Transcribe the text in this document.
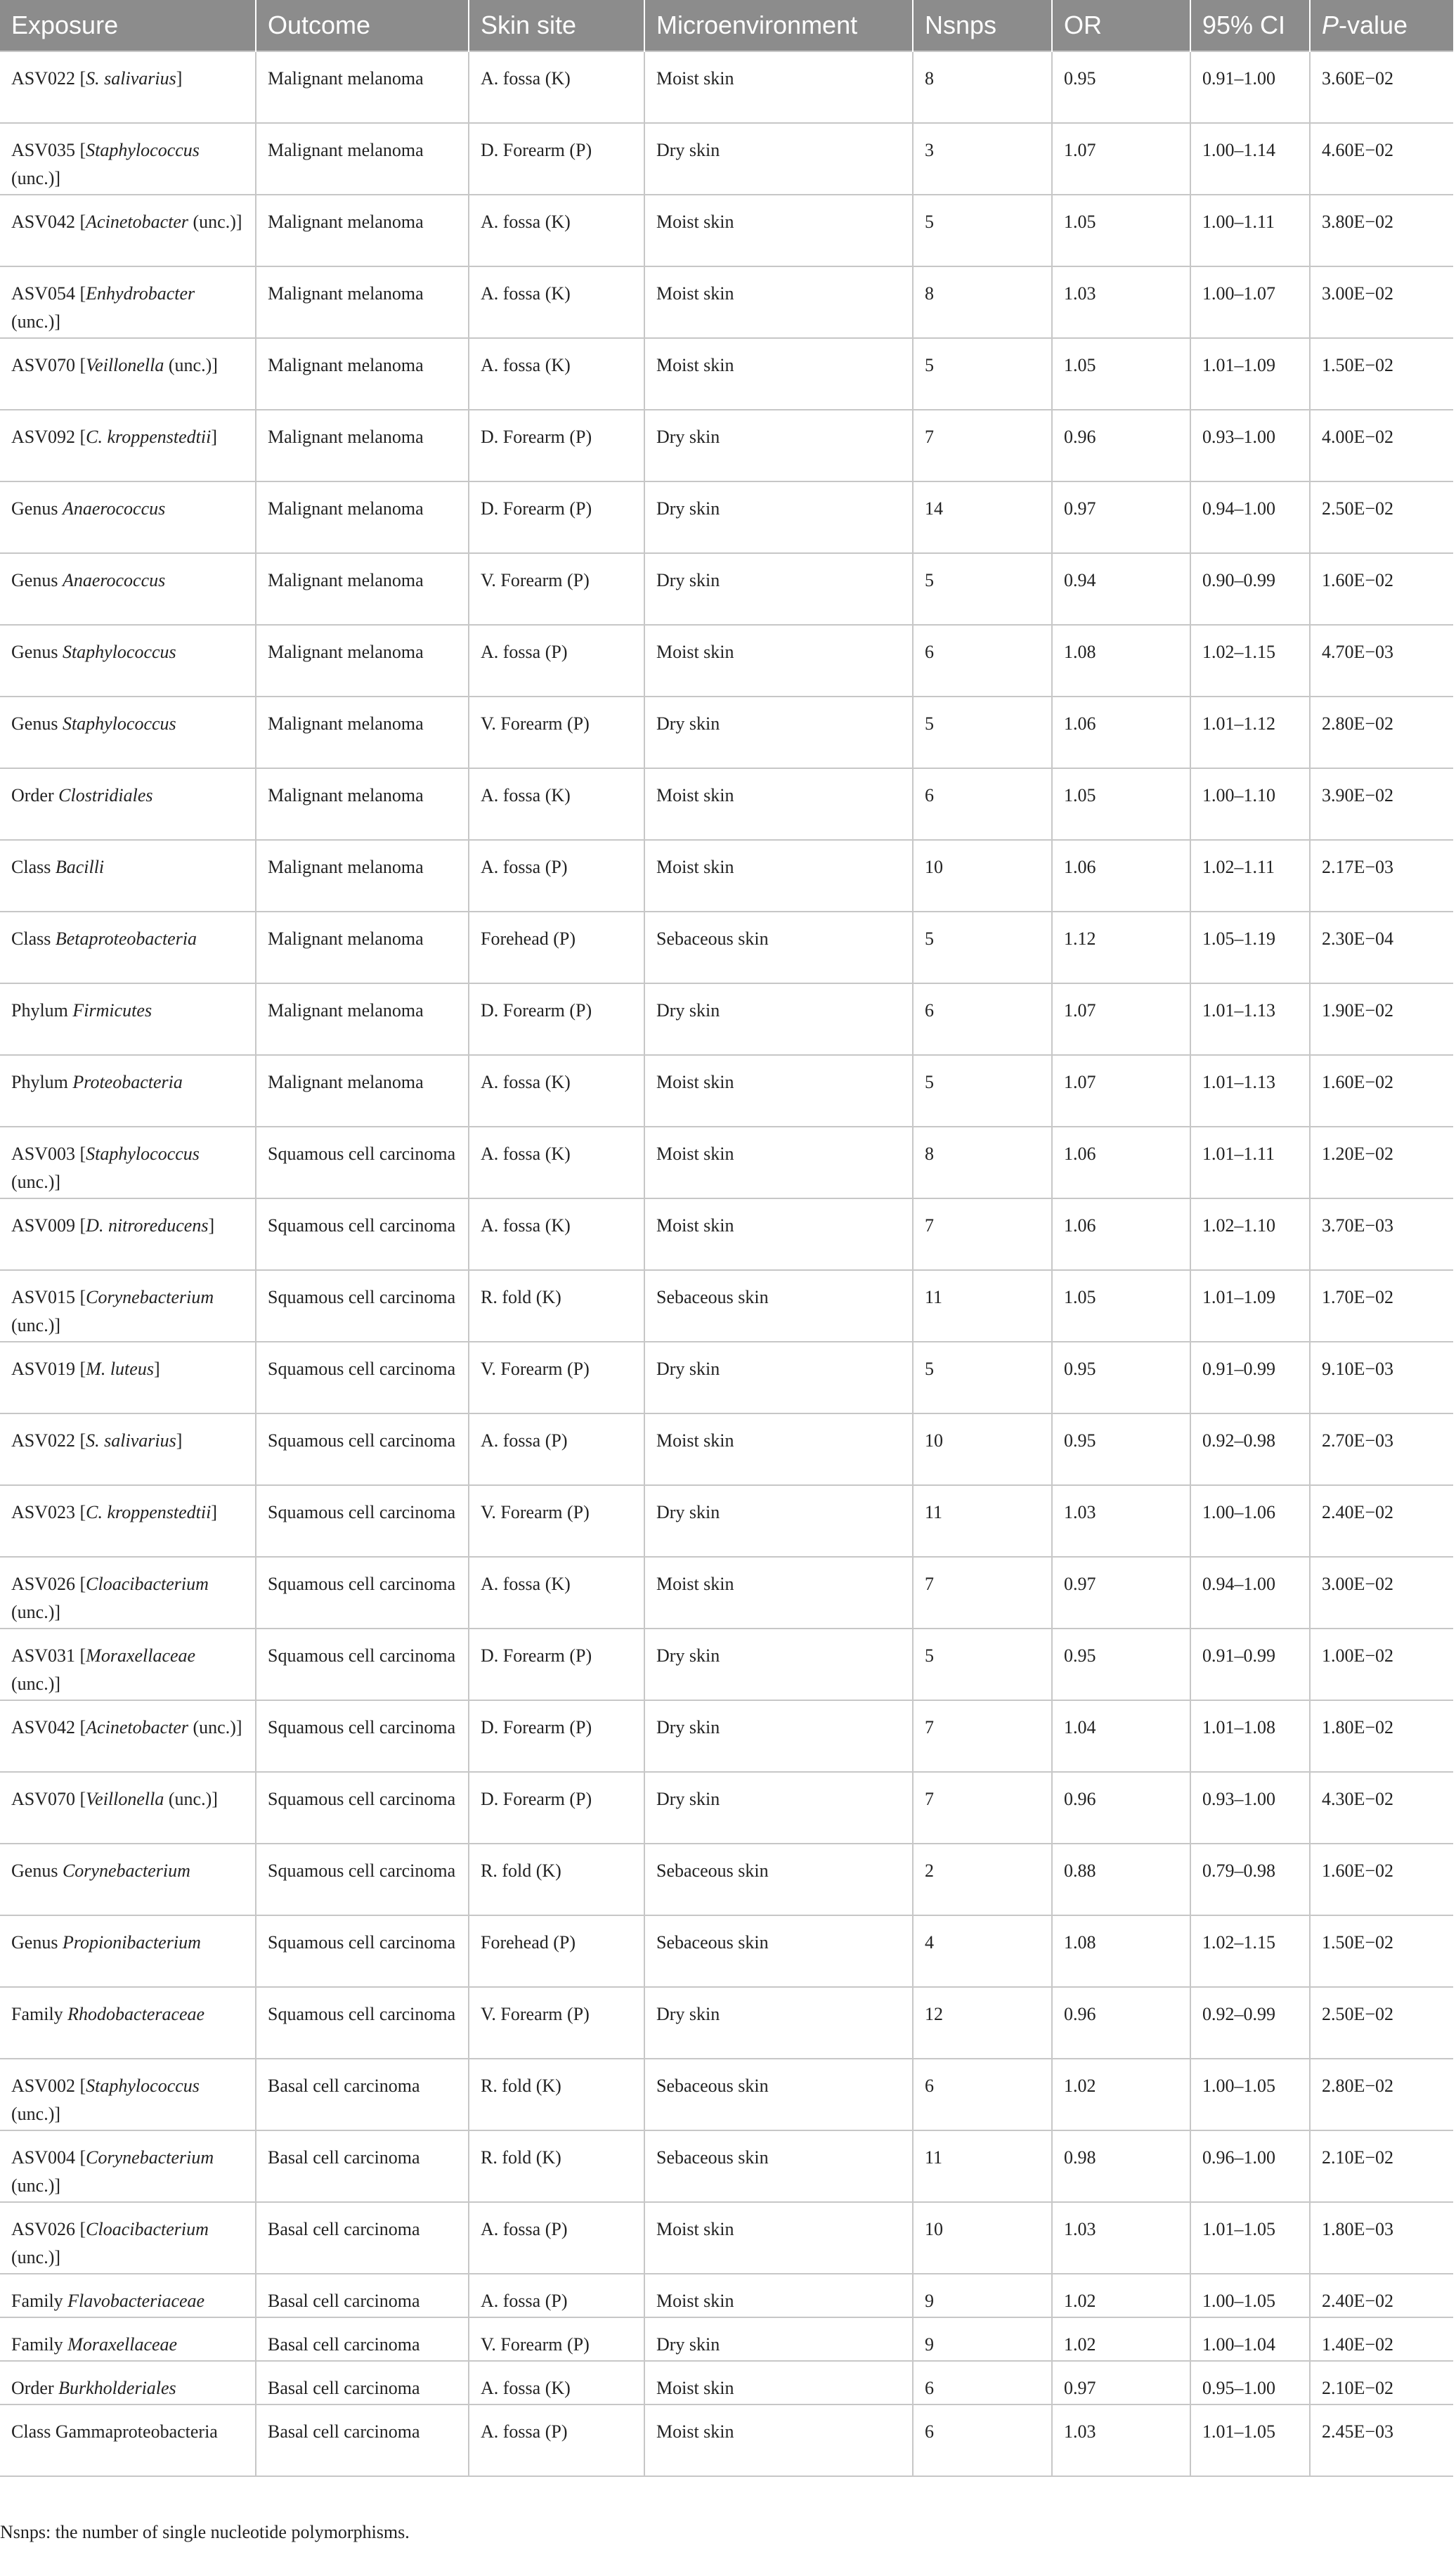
Exposure	Outcome	Skin site	Microenvironment	Nsnps	OR	95% CI	P-value
ASV022 [S. salivarius]	Malignant melanoma	A. fossa (K)	Moist skin	8	0.95	0.91–1.00	3.60E−02
ASV035 [Staphylococcus (unc.)]	Malignant melanoma	D. Forearm (P)	Dry skin	3	1.07	1.00–1.14	4.60E−02
ASV042 [Acinetobacter (unc.)]	Malignant melanoma	A. fossa (K)	Moist skin	5	1.05	1.00–1.11	3.80E−02
ASV054 [Enhydrobacter (unc.)]	Malignant melanoma	A. fossa (K)	Moist skin	8	1.03	1.00–1.07	3.00E−02
ASV070 [Veillonella (unc.)]	Malignant melanoma	A. fossa (K)	Moist skin	5	1.05	1.01–1.09	1.50E−02
ASV092 [C. kroppenstedtii]	Malignant melanoma	D. Forearm (P)	Dry skin	7	0.96	0.93–1.00	4.00E−02
Genus Anaerococcus	Malignant melanoma	D. Forearm (P)	Dry skin	14	0.97	0.94–1.00	2.50E−02
Genus Anaerococcus	Malignant melanoma	V. Forearm (P)	Dry skin	5	0.94	0.90–0.99	1.60E−02
Genus Staphylococcus	Malignant melanoma	A. fossa (P)	Moist skin	6	1.08	1.02–1.15	4.70E−03
Genus Staphylococcus	Malignant melanoma	V. Forearm (P)	Dry skin	5	1.06	1.01–1.12	2.80E−02
Order Clostridiales	Malignant melanoma	A. fossa (K)	Moist skin	6	1.05	1.00–1.10	3.90E−02
Class Bacilli	Malignant melanoma	A. fossa (P)	Moist skin	10	1.06	1.02–1.11	2.17E−03
Class Betaproteobacteria	Malignant melanoma	Forehead (P)	Sebaceous skin	5	1.12	1.05–1.19	2.30E−04
Phylum Firmicutes	Malignant melanoma	D. Forearm (P)	Dry skin	6	1.07	1.01–1.13	1.90E−02
Phylum Proteobacteria	Malignant melanoma	A. fossa (K)	Moist skin	5	1.07	1.01–1.13	1.60E−02
ASV003 [Staphylococcus (unc.)]	Squamous cell carcinoma	A. fossa (K)	Moist skin	8	1.06	1.01–1.11	1.20E−02
ASV009 [D. nitroreducens]	Squamous cell carcinoma	A. fossa (K)	Moist skin	7	1.06	1.02–1.10	3.70E−03
ASV015 [Corynebacterium (unc.)]	Squamous cell carcinoma	R. fold (K)	Sebaceous skin	11	1.05	1.01–1.09	1.70E−02
ASV019 [M. luteus]	Squamous cell carcinoma	V. Forearm (P)	Dry skin	5	0.95	0.91–0.99	9.10E−03
ASV022 [S. salivarius]	Squamous cell carcinoma	A. fossa (P)	Moist skin	10	0.95	0.92–0.98	2.70E−03
ASV023 [C. kroppenstedtii]	Squamous cell carcinoma	V. Forearm (P)	Dry skin	11	1.03	1.00–1.06	2.40E−02
ASV026 [Cloacibacterium (unc.)]	Squamous cell carcinoma	A. fossa (K)	Moist skin	7	0.97	0.94–1.00	3.00E−02
ASV031 [Moraxellaceae (unc.)]	Squamous cell carcinoma	D. Forearm (P)	Dry skin	5	0.95	0.91–0.99	1.00E−02
ASV042 [Acinetobacter (unc.)]	Squamous cell carcinoma	D. Forearm (P)	Dry skin	7	1.04	1.01–1.08	1.80E−02
ASV070 [Veillonella (unc.)]	Squamous cell carcinoma	D. Forearm (P)	Dry skin	7	0.96	0.93–1.00	4.30E−02
Genus Corynebacterium	Squamous cell carcinoma	R. fold (K)	Sebaceous skin	2	0.88	0.79–0.98	1.60E−02
Genus Propionibacterium	Squamous cell carcinoma	Forehead (P)	Sebaceous skin	4	1.08	1.02–1.15	1.50E−02
Family Rhodobacteraceae	Squamous cell carcinoma	V. Forearm (P)	Dry skin	12	0.96	0.92–0.99	2.50E−02
ASV002 [Staphylococcus (unc.)]	Basal cell carcinoma	R. fold (K)	Sebaceous skin	6	1.02	1.00–1.05	2.80E−02
ASV004 [Corynebacterium (unc.)]	Basal cell carcinoma	R. fold (K)	Sebaceous skin	11	0.98	0.96–1.00	2.10E−02
ASV026 [Cloacibacterium (unc.)]	Basal cell carcinoma	A. fossa (P)	Moist skin	10	1.03	1.01–1.05	1.80E−03
Family Flavobacteriaceae	Basal cell carcinoma	A. fossa (P)	Moist skin	9	1.02	1.00–1.05	2.40E−02
Family Moraxellaceae	Basal cell carcinoma	V. Forearm (P)	Dry skin	9	1.02	1.00–1.04	1.40E−02
Order Burkholderiales	Basal cell carcinoma	A. fossa (K)	Moist skin	6	0.97	0.95–1.00	2.10E−02
Class Gammaproteobacteria	Basal cell carcinoma	A. fossa (P)	Moist skin	6	1.03	1.01–1.05	2.45E−03
Nsnps: the number of single nucleotide polymorphisms.
